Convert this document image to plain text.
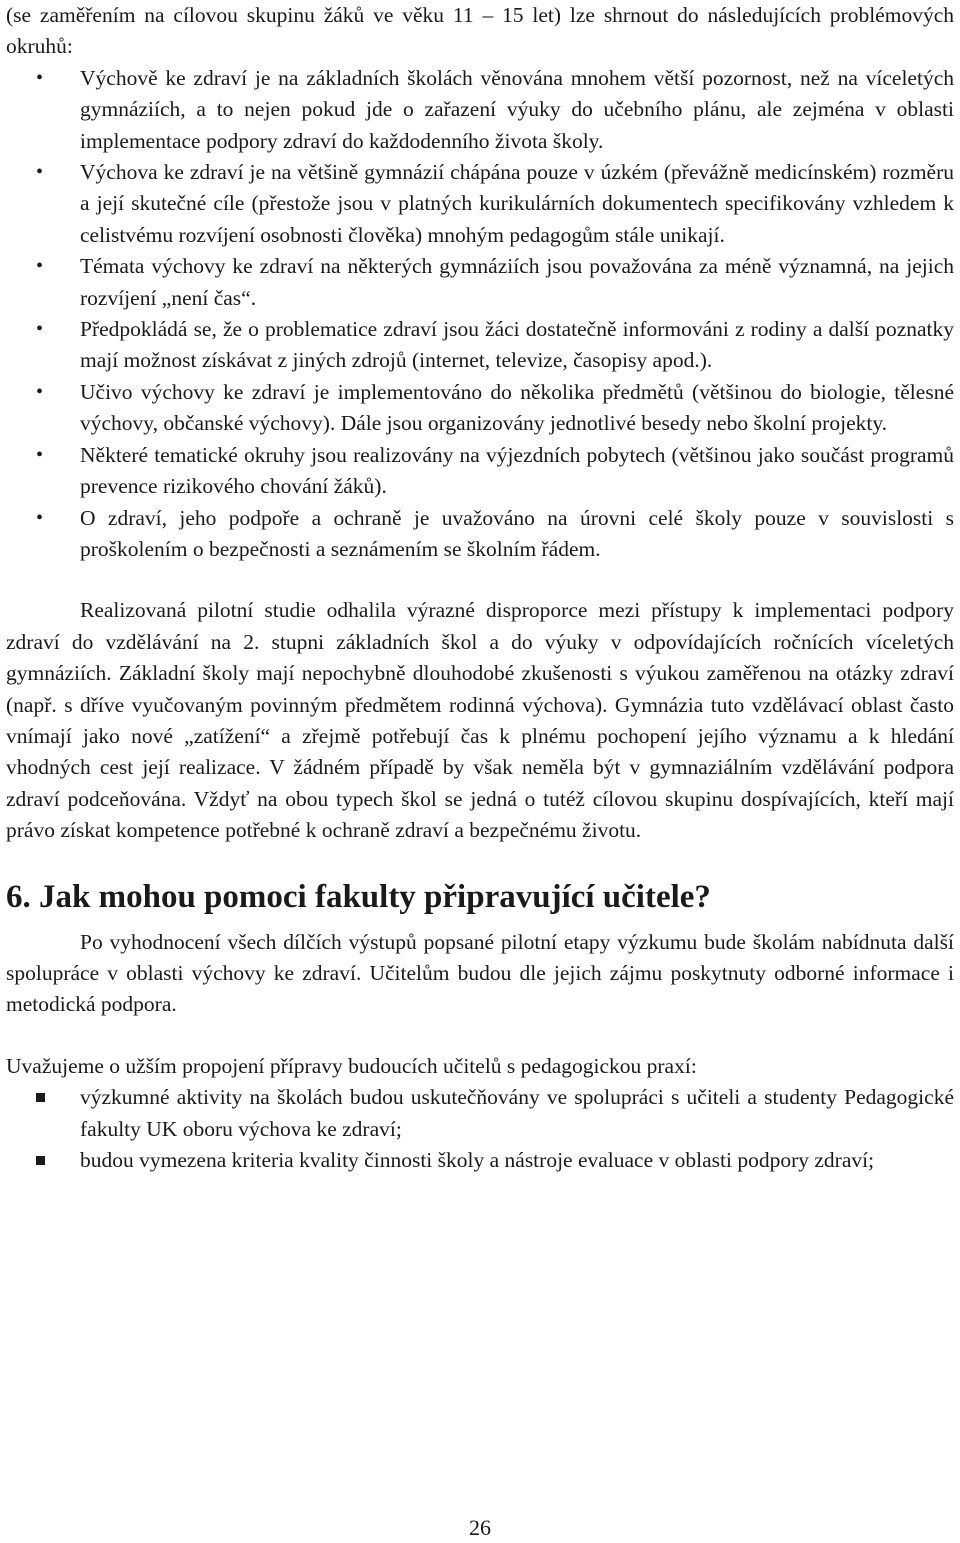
(se zaměřením na cílovou skupinu žáků ve věku 11 – 15 let) lze shrnout do následujících problémových okruhů:

• Výchově ke zdraví je na základních školách věnována mnohem větší pozornost, než na víceletých gymnáziích, a to nejen pokud jde o zařazení výuky do učebního plánu, ale zejména v oblasti implementace podpory zdraví do každodenního života školy.
• Výchova ke zdraví je na většině gymnázií chápána pouze v úzkém (převážně medicínském) rozměru a její skutečné cíle (přestože jsou v platných kurikulárních dokumentech specifikovány vzhledem k celistvému rozvíjení osobnosti člověka) mnohým pedagogům stále unikají.
• Témata výchovy ke zdraví na některých gymnáziích jsou považována za méně významná, na jejich rozvíjení „není čas“.
• Předpokládá se, že o problematice zdraví jsou žáci dostatečně informováni z rodiny a další poznatky mají možnost získávat z jiných zdrojů (internet, televize, časopisy apod.).
• Učivo výchovy ke zdraví je implementováno do několika předmětů (většinou do biologie, tělesné výchovy, občanské výchovy). Dále jsou organizovány jednotlivé besedy nebo školní projekty.
• Některé tematické okruhy jsou realizovány na výjezdních pobytech (většinou jako součást programů prevence rizikového chování žáků).
• O zdraví, jeho podpoře a ochraně je uvažováno na úrovni celé školy pouze v souvislosti s proškolením o bezpečnosti a seznámením se školním řádem.

Realizovaná pilotní studie odhalila výrazné disproporce mezi přístupy k implementaci podpory zdraví do vzdělávání na 2. stupni základních škol a do výuky v odpovídajících ročnících víceletých gymnáziích. Základní školy mají nepochybně dlouhodobé zkušenosti s výukou zaměřenou na otázky zdraví (např. s dříve vyučovaným povinným předmětem rodinná výchova). Gymnázia tuto vzdělávací oblast často vnímají jako nové „zatížení“ a zřejmě potřebují čas k plnému pochopení jejího významu a k hledání vhodných cest její realizace. V žádném případě by však neměla být v gymnaziálním vzdělávání podpora zdraví podceňována. Vždyť na obou typech škol se jedná o tutéž cílovou skupinu dospívajících, kteří mají právo získat kompetence potřebné k ochraně zdraví a bezpečnému životu.

6. Jak mohou pomoci fakulty připravující učitele?

Po vyhodnocení všech dílčích výstupů popsané pilotní etapy výzkumu bude školám nabídnuta další spolupráce v oblasti výchovy ke zdraví. Učitelům budou dle jejich zájmu poskytnuty odborné informace i metodická podpora.

Uvažujeme o užším propojení přípravy budoucích učitelů s pedagogickou praxí:

výzkumné aktivity na školách budou uskutečňovány ve spolupráci s učiteli a studenty Pedagogické fakulty UK oboru výchova ke zdraví;
budou vymezena kriteria kvality činnosti školy a nástroje evaluace v oblasti podpory zdraví;
26
